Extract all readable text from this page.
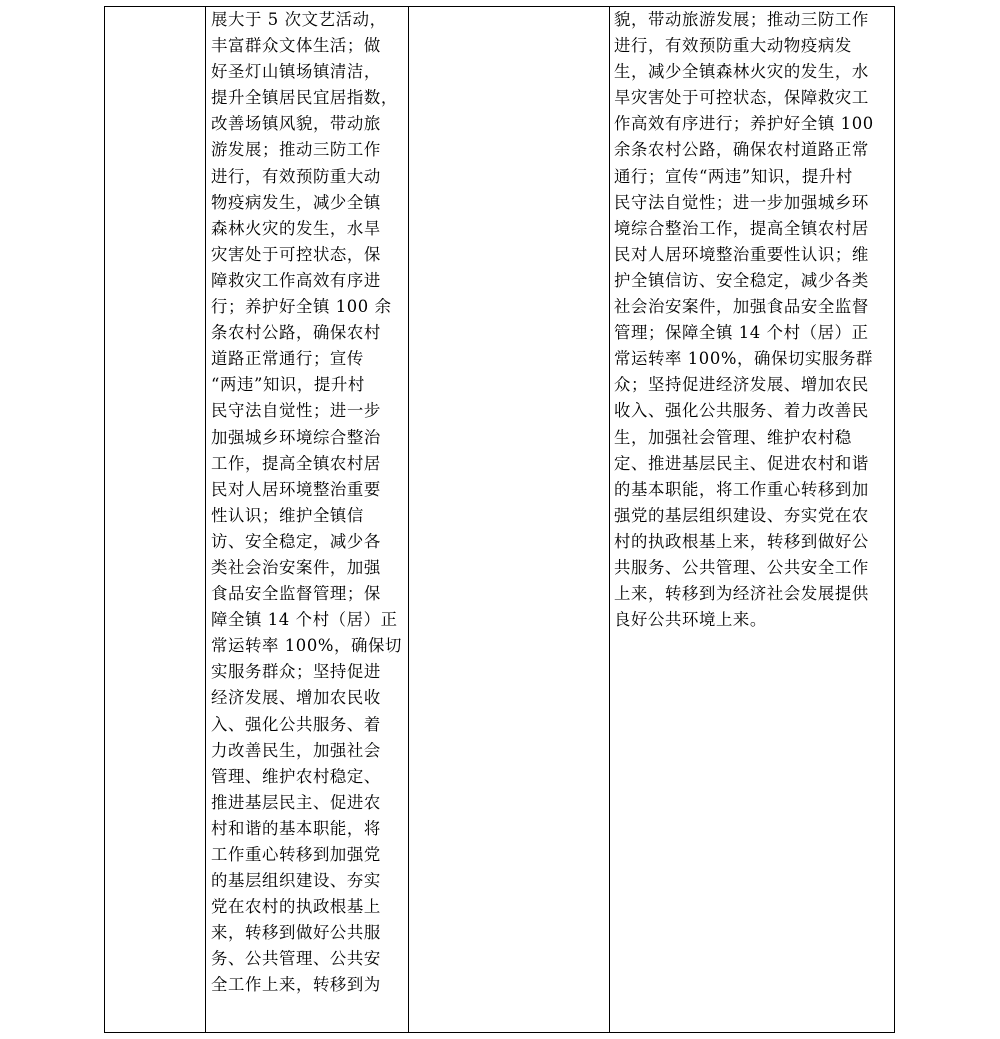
展大于 5 次文艺活动，
丰富群众文体生活；做
好圣灯山镇场镇清洁，
提升全镇居民宜居指数，
改善场镇风貌，带动旅
游发展；推动三防工作
进行，有效预防重大动
物疫病发生，减少全镇
森林火灾的发生，水旱
灾害处于可控状态，保
障救灾工作高效有序进
行；养护好全镇 100 余
条农村公路，确保农村
道路正常通行；宣传
“两违”知识，提升村
民守法自觉性；进一步
加强城乡环境综合整治
工作，提高全镇农村居
民对人居环境整治重要
性认识；维护全镇信
访、安全稳定，减少各
类社会治安案件，加强
食品安全监督管理；保
障全镇 14 个村（居）正
常运转率 100%，确保切
实服务群众；坚持促进
经济发展、增加农民收
入、强化公共服务、着
力改善民生，加强社会
管理、维护农村稳定、
推进基层民主、促进农
村和谐的基本职能，将
工作重心转移到加强党
的基层组织建设、夯实
党在农村的执政根基上
来，转移到做好公共服
务、公共管理、公共安
全工作上来，转移到为
貌，带动旅游发展；推动三防工作
进行，有效预防重大动物疫病发
生，减少全镇森林火灾的发生，水
旱灾害处于可控状态，保障救灾工
作高效有序进行；养护好全镇 100
余条农村公路，确保农村道路正常
通行；宣传“两违”知识，提升村
民守法自觉性；进一步加强城乡环
境综合整治工作，提高全镇农村居
民对人居环境整治重要性认识；维
护全镇信访、安全稳定，减少各类
社会治安案件，加强食品安全监督
管理；保障全镇 14 个村（居）正
常运转率 100%，确保切实服务群
众；坚持促进经济发展、增加农民
收入、强化公共服务、着力改善民
生，加强社会管理、维护农村稳
定、推进基层民主、促进农村和谐
的基本职能，将工作重心转移到加
强党的基层组织建设、夯实党在农
村的执政根基上来，转移到做好公
共服务、公共管理、公共安全工作
上来，转移到为经济社会发展提供
良好公共环境上来。
